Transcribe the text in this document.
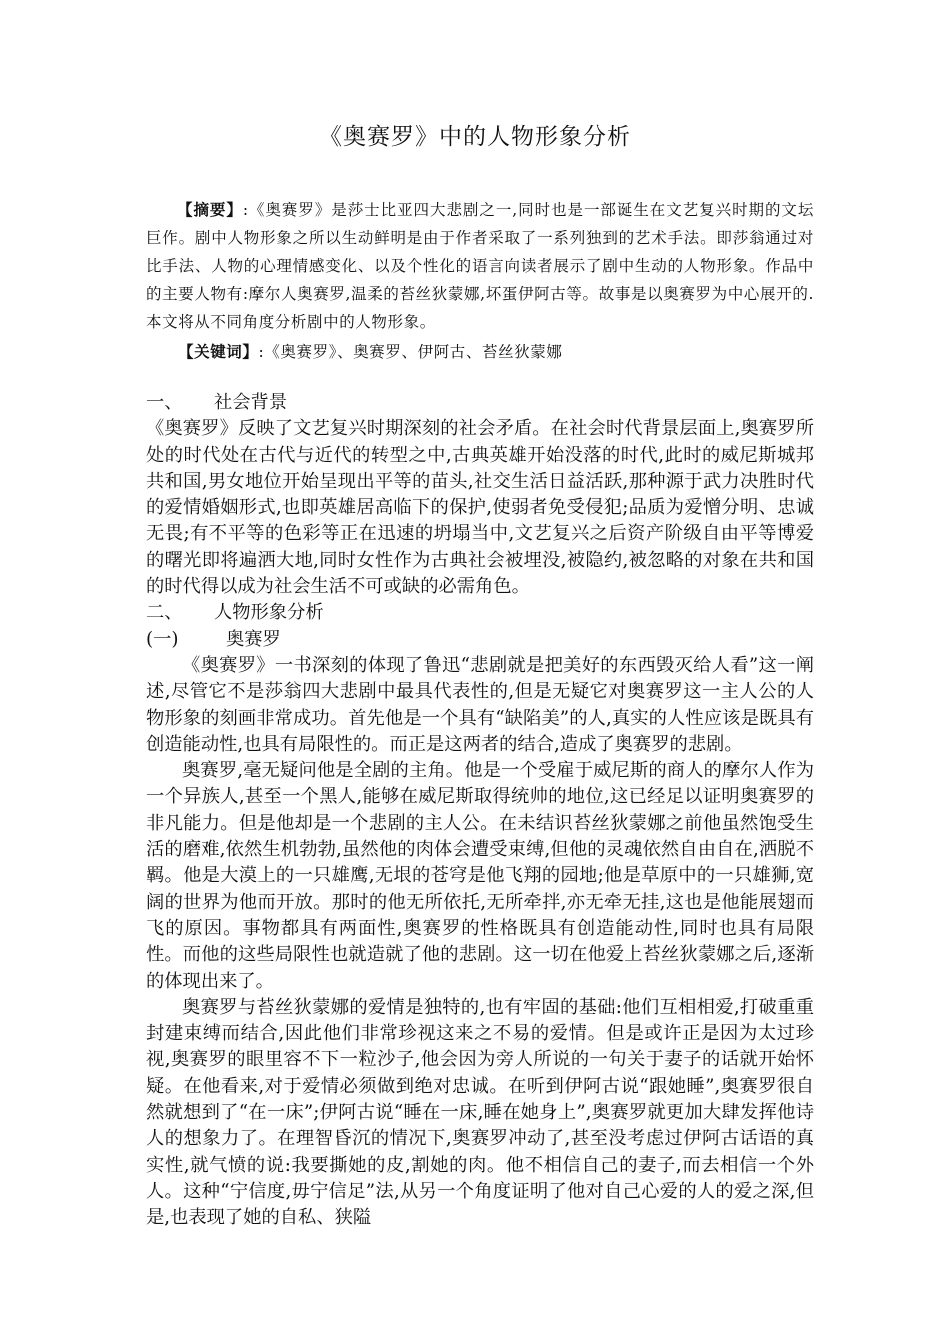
《奥赛罗》中的人物形象分析
【摘要】:《奥赛罗》是莎士比亚四大悲剧之一,同时也是一部诞生在文艺复兴时期的文坛巨作。剧中人物形象之所以生动鲜明是由于作者采取了一系列独到的艺术手法。即莎翁通过对比手法、人物的心理情感变化、以及个性化的语言向读者展示了剧中生动的人物形象。作品中的主要人物有:摩尔人奥赛罗,温柔的苔丝狄蒙娜,坏蛋伊阿古等。故事是以奥赛罗为中心展开的.本文将从不同角度分析剧中的人物形象。
【关键词】:《奥赛罗》、奥赛罗、伊阿古、苔丝狄蒙娜

一、 社会背景

《奥赛罗》反映了文艺复兴时期深刻的社会矛盾。在社会时代背景层面上,奥赛罗所处的时代处在古代与近代的转型之中,古典英雄开始没落的时代,此时的威尼斯城邦共和国,男女地位开始呈现出平等的苗头,社交生活日益活跃,那种源于武力决胜时代的爱情婚姻形式,也即英雄居高临下的保护,使弱者免受侵犯;品质为爱憎分明、忠诚无畏;有不平等的色彩等正在迅速的坍塌当中,文艺复兴之后资产阶级自由平等博爱的曙光即将遍洒大地,同时女性作为古典社会被埋没,被隐约,被忽略的对象在共和国的时代得以成为社会生活不可或缺的必需角色。

二、 人物形象分析

(一)	奥赛罗

《奥赛罗》一书深刻的体现了鲁迅“悲剧就是把美好的东西毁灭给人看”这一阐述,尽管它不是莎翁四大悲剧中最具代表性的,但是无疑它对奥赛罗这一主人公的人物形象的刻画非常成功。首先他是一个具有“缺陷美”的人,真实的人性应该是既具有创造能动性,也具有局限性的。而正是这两者的结合,造成了奥赛罗的悲剧。

奥赛罗,毫无疑问他是全剧的主角。他是一个受雇于威尼斯的商人的摩尔人作为一个异族人,甚至一个黑人,能够在威尼斯取得统帅的地位,这已经足以证明奥赛罗的非凡能力。但是他却是一个悲剧的主人公。在未结识苔丝狄蒙娜之前他虽然饱受生活的磨难,依然生机勃勃,虽然他的肉体会遭受束缚,但他的灵魂依然自由自在,洒脱不羁。他是大漠上的一只雄鹰,无垠的苍穹是他飞翔的园地;他是草原中的一只雄狮,宽阔的世界为他而开放。那时的他无所依托,无所牵拌,亦无牵无挂,这也是他能展翅而飞的原因。事物都具有两面性,奥赛罗的性格既具有创造能动性,同时也具有局限性。而他的这些局限性也就造就了他的悲剧。这一切在他爱上苔丝狄蒙娜之后,逐渐的体现出来了。

奥赛罗与苔丝狄蒙娜的爱情是独特的,也有牢固的基础:他们互相相爱,打破重重封建束缚而结合,因此他们非常珍视这来之不易的爱情。但是或许正是因为太过珍视,奥赛罗的眼里容不下一粒沙子,他会因为旁人所说的一句关于妻子的话就开始怀疑。在他看来,对于爱情必须做到绝对忠诚。在听到伊阿古说“跟她睡”,奥赛罗很自然就想到了“在一床”;伊阿古说“睡在一床,睡在她身上”,奥赛罗就更加大肆发挥他诗人的想象力了。在理智昏沉的情况下,奥赛罗冲动了,甚至没考虑过伊阿古话语的真实性,就气愤的说:我要撕她的皮,割她的肉。他不相信自己的妻子,而去相信一个外人。这种“宁信度,毋宁信足”法,从另一个角度证明了他对自己心爱的人的爱之深,但是,也表现了她的自私、狭隘
